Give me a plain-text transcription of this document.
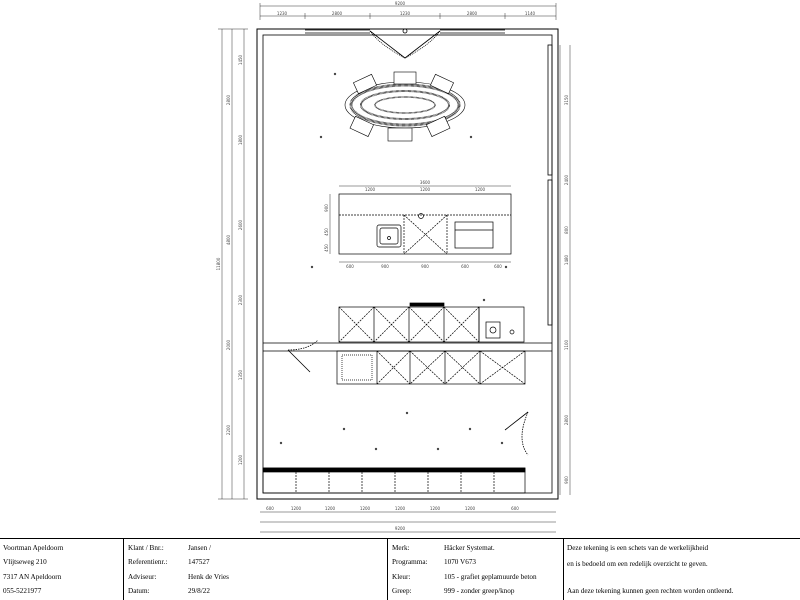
9200
1230	2800	1230	2800	1140
11800
2800
4800
2000
2200
1450
1800
2600
2300
1350
1200
3150
2400
800
1480
1100
2800
900
600	1200	1200	1200	1200	1200	1200	600
9200
3600
1200	1200	1200
600	900	900	600	600
900
450
450
Voortman Apeldoorn
Vlijtseweg 210
7317 AN Apeldoorn
055-5221977
Klant / Bnr.:	Jansen /
Referentienr.:	147527
Adviseur:	Henk de Vries
Datum:	29/8/22
Merk:	Häcker Systemat.
Programma: 1070 V673
Kleur:	105 - grafiet geplamuurde beton
Greep:	999 - zonder greep/knop
Deze tekening is een schets van de werkelijkheid
en is bedoeld om een redelijk overzicht te geven.
Aan deze tekening kunnen geen rechten worden ontleend.
